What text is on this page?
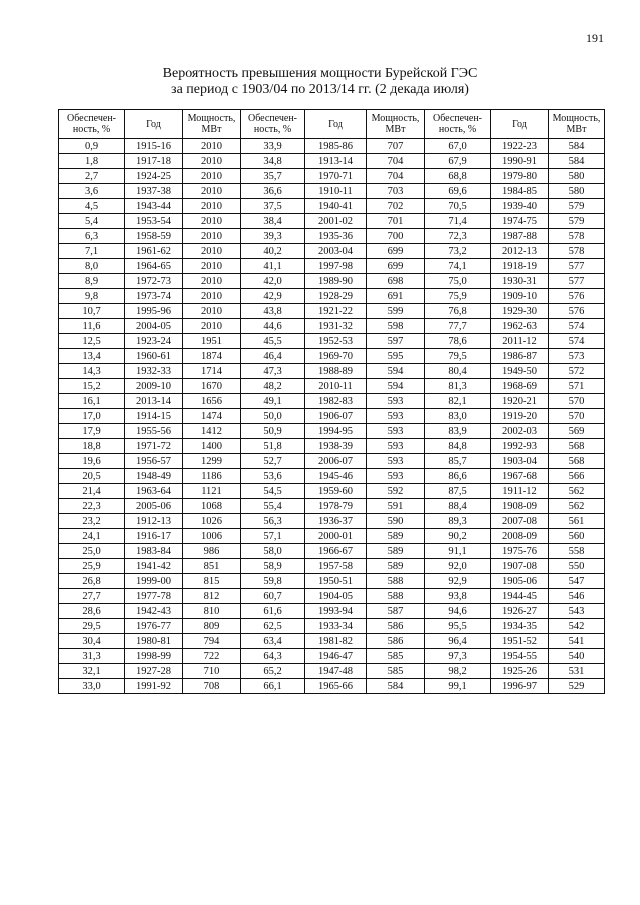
191
Вероятность превышения мощности Бурейской ГЭС
за период с 1903/04 по 2013/14 гг. (2 декада июля)
Обеспечен-ность, %	Год	Мощность, МВт	Обеспечен-ность, %	Год	Мощность, МВт	Обеспечен-ность, %	Год	Мощность, МВт
0,9	1915-16	2010	33,9	1985-86	707	67,0	1922-23	584
1,8	1917-18	2010	34,8	1913-14	704	67,9	1990-91	584
2,7	1924-25	2010	35,7	1970-71	704	68,8	1979-80	580
3,6	1937-38	2010	36,6	1910-11	703	69,6	1984-85	580
4,5	1943-44	2010	37,5	1940-41	702	70,5	1939-40	579
5,4	1953-54	2010	38,4	2001-02	701	71,4	1974-75	579
6,3	1958-59	2010	39,3	1935-36	700	72,3	1987-88	578
7,1	1961-62	2010	40,2	2003-04	699	73,2	2012-13	578
8,0	1964-65	2010	41,1	1997-98	699	74,1	1918-19	577
8,9	1972-73	2010	42,0	1989-90	698	75,0	1930-31	577
9,8	1973-74	2010	42,9	1928-29	691	75,9	1909-10	576
10,7	1995-96	2010	43,8	1921-22	599	76,8	1929-30	576
11,6	2004-05	2010	44,6	1931-32	598	77,7	1962-63	574
12,5	1923-24	1951	45,5	1952-53	597	78,6	2011-12	574
13,4	1960-61	1874	46,4	1969-70	595	79,5	1986-87	573
14,3	1932-33	1714	47,3	1988-89	594	80,4	1949-50	572
15,2	2009-10	1670	48,2	2010-11	594	81,3	1968-69	571
16,1	2013-14	1656	49,1	1982-83	593	82,1	1920-21	570
17,0	1914-15	1474	50,0	1906-07	593	83,0	1919-20	570
17,9	1955-56	1412	50,9	1994-95	593	83,9	2002-03	569
18,8	1971-72	1400	51,8	1938-39	593	84,8	1992-93	568
19,6	1956-57	1299	52,7	2006-07	593	85,7	1903-04	568
20,5	1948-49	1186	53,6	1945-46	593	86,6	1967-68	566
21,4	1963-64	1121	54,5	1959-60	592	87,5	1911-12	562
22,3	2005-06	1068	55,4	1978-79	591	88,4	1908-09	562
23,2	1912-13	1026	56,3	1936-37	590	89,3	2007-08	561
24,1	1916-17	1006	57,1	2000-01	589	90,2	2008-09	560
25,0	1983-84	986	58,0	1966-67	589	91,1	1975-76	558
25,9	1941-42	851	58,9	1957-58	589	92,0	1907-08	550
26,8	1999-00	815	59,8	1950-51	588	92,9	1905-06	547
27,7	1977-78	812	60,7	1904-05	588	93,8	1944-45	546
28,6	1942-43	810	61,6	1993-94	587	94,6	1926-27	543
29,5	1976-77	809	62,5	1933-34	586	95,5	1934-35	542
30,4	1980-81	794	63,4	1981-82	586	96,4	1951-52	541
31,3	1998-99	722	64,3	1946-47	585	97,3	1954-55	540
32,1	1927-28	710	65,2	1947-48	585	98,2	1925-26	531
33,0	1991-92	708	66,1	1965-66	584	99,1	1996-97	529
